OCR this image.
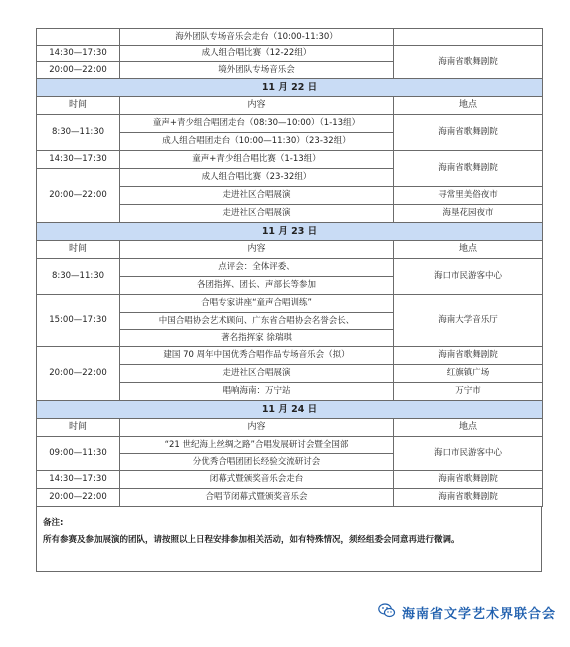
	海外团队专场音乐会走台（10:00-11:30）	
14:30—17:30	成人组合唱比赛（12-22组）	海南省歌舞剧院
20:00—22:00	境外团队专场音乐会	
11 月 22 日		
时间	内容	地点
8:30—11:30	童声+青少组合唱团走台（08:30—10:00）（1-13组）	海南省歌舞剧院
	成人组合唱团走台（10:00—11:30）（23-32组）	
14:30—17:30	童声+青少组合唱比赛（1-13组）	海南省歌舞剧院
20:00—22:00	成人组合唱比赛（23-32组）	
	走进社区合唱展演	寻常里美俗夜市
	走进社区合唱展演	海垦花园夜市
11 月 23 日		
时间	内容	地点
8:30—11:30	点评会：全体评委、	海口市民游客中心
	各团指挥、团长、声部长等参加	
15:00—17:30	合唱专家讲座“童声合唱训练”	海南大学音乐厅
	中国合唱协会艺术顾问、广东省合唱协会名誉会长、	
	著名指挥家 徐瑞琪	
20:00—22:00	建国 70 周年中国优秀合唱作品专场音乐会（拟）	海南省歌舞剧院
	走进社区合唱展演	红旗镇广场
	唱响海南：万宁站	万宁市
11 月 24 日		
时间	内容	地点
09:00—11:30	“21 世纪海上丝绸之路”合唱发展研讨会暨全国部	海口市民游客中心
	分优秀合唱团团长经验交流研讨会	
14:30—17:30	闭幕式暨颁奖音乐会走台	海南省歌舞剧院
20:00—22:00	合唱节闭幕式暨颁奖音乐会	海南省歌舞剧院
备注:
所有参赛及参加展演的团队，请按照以上日程安排参加相关活动，如有特殊情况，须经组委会同意再进行微调。
海南省文学艺术界联合会
